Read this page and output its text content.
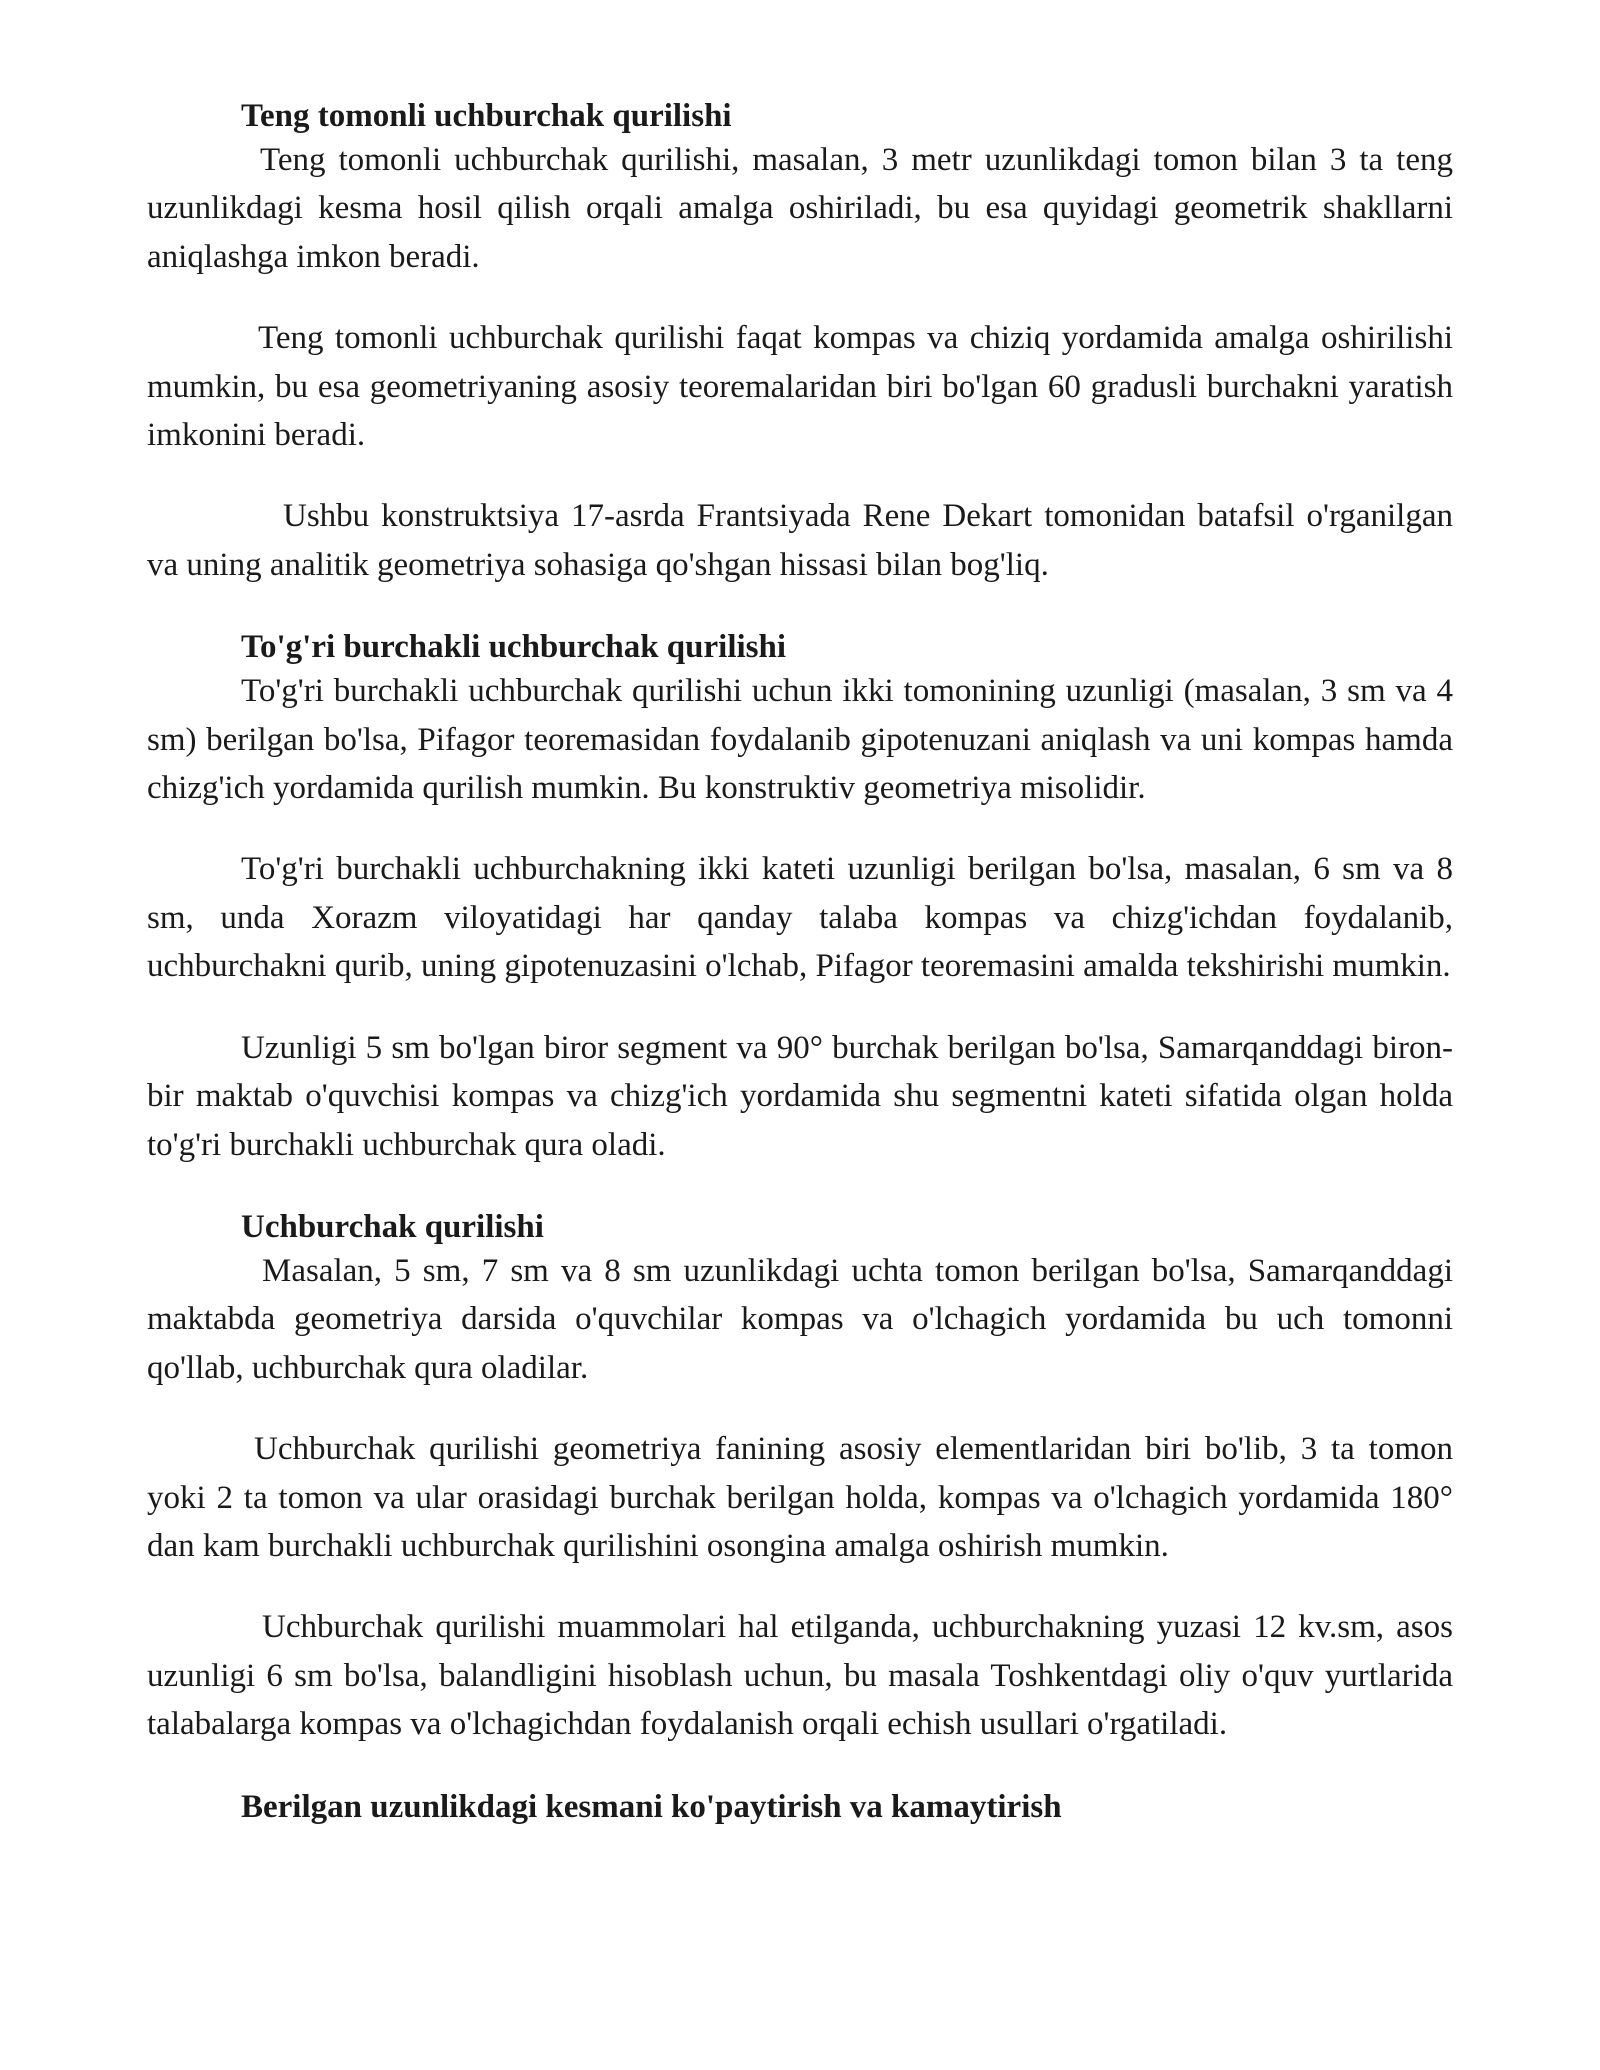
Teng tomonli uchburchak qurilishi

Teng tomonli uchburchak qurilishi, masalan, 3 metr uzunlikdagi tomon bilan 3 ta teng uzunlikdagi kesma hosil qilish orqali amalga oshiriladi, bu esa quyidagi geometrik shakllarni aniqlashga imkon beradi.

Teng tomonli uchburchak qurilishi faqat kompas va chiziq yordamida amalga oshirilishi mumkin, bu esa geometriyaning asosiy teoremalaridan biri bo'lgan 60 gradusli burchakni yaratish imkonini beradi.

Ushbu konstruktsiya 17-asrda Frantsiyada Rene Dekart tomonidan batafsil o'rganilgan va uning analitik geometriya sohasiga qo'shgan hissasi bilan bog'liq.

To'g'ri burchakli uchburchak qurilishi

To'g'ri burchakli uchburchak qurilishi uchun ikki tomonining uzunligi (masalan, 3 sm va 4 sm) berilgan bo'lsa, Pifagor teoremasidan foydalanib gipotenuzani aniqlash va uni kompas hamda chizg'ich yordamida qurilish mumkin. Bu konstruktiv geometriya misolidir.

To'g'ri burchakli uchburchakning ikki kateti uzunligi berilgan bo'lsa, masalan, 6 sm va 8 sm, unda Xorazm viloyatidagi har qanday talaba kompas va chizg'ichdan foydalanib, uchburchakni qurib, uning gipotenuzasini o'lchab, Pifagor teoremasini amalda tekshirishi mumkin.

Uzunligi 5 sm bo'lgan biror segment va 90° burchak berilgan bo'lsa, Samarqanddagi biron-bir maktab o'quvchisi kompas va chizg'ich yordamida shu segmentni kateti sifatida olgan holda to'g'ri burchakli uchburchak qura oladi.

Uchburchak qurilishi

Masalan, 5 sm, 7 sm va 8 sm uzunlikdagi uchta tomon berilgan bo'lsa, Samarqanddagi maktabda geometriya darsida o'quvchilar kompas va o'lchagich yordamida bu uch tomonni qo'llab, uchburchak qura oladilar.

Uchburchak qurilishi geometriya fanining asosiy elementlaridan biri bo'lib, 3 ta tomon yoki 2 ta tomon va ular orasidagi burchak berilgan holda, kompas va o'lchagich yordamida 180° dan kam burchakli uchburchak qurilishini osongina amalga oshirish mumkin.

Uchburchak qurilishi muammolari hal etilganda, uchburchakning yuzasi 12 kv.sm, asos uzunligi 6 sm bo'lsa, balandligini hisoblash uchun, bu masala Toshkentdagi oliy o'quv yurtlarida talabalarga kompas va o'lchagichdan foydalanish orqali echish usullari o'rgatiladi.

Berilgan uzunlikdagi kesmani ko'paytirish va kamaytirish
